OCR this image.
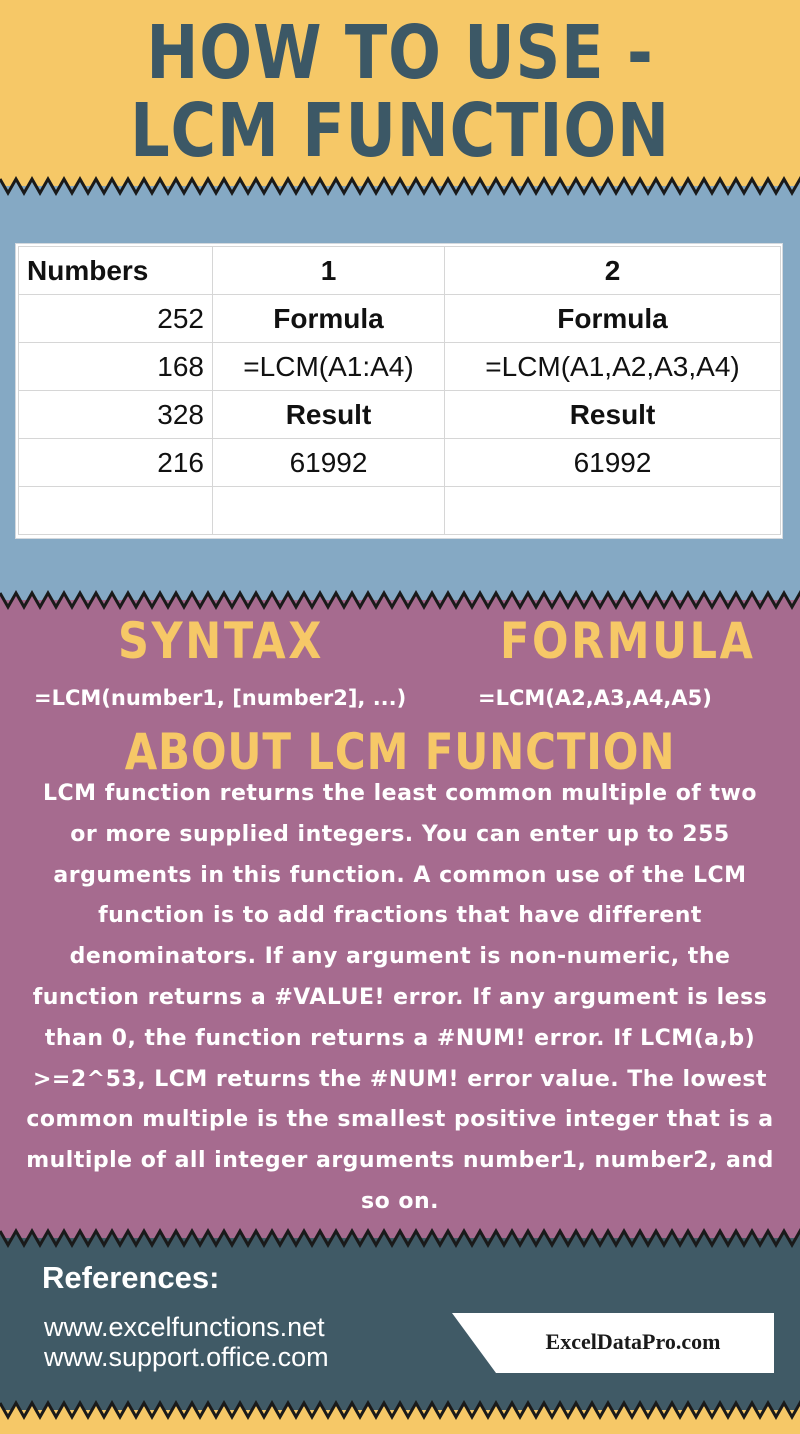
HOW TO USE -
LCM FUNCTION
Numbers	1	2
252	Formula	Formula
168	=LCM(A1:A4)	=LCM(A1,A2,A3,A4)
328	Result	Result
216	61992	61992

SYNTAX	FORMULA

=LCM(number1, [number2], ...)	=LCM(A2,A3,A4,A5)

ABOUT LCM FUNCTION

LCM function returns the least common multiple of two or more supplied integers. You can enter up to 255 arguments in this function. A common use of the LCM function is to add fractions that have different denominators. If any argument is non-numeric, the function returns a #VALUE! error. If any argument is less than 0, the function returns a #NUM! error. If LCM(a,b) >=2^53, LCM returns the #NUM! error value. The lowest common multiple is the smallest positive integer that is a multiple of all integer arguments number1, number2, and so on.

References:
www.excelfunctions.net
www.support.office.com

ExcelDataPro.com
